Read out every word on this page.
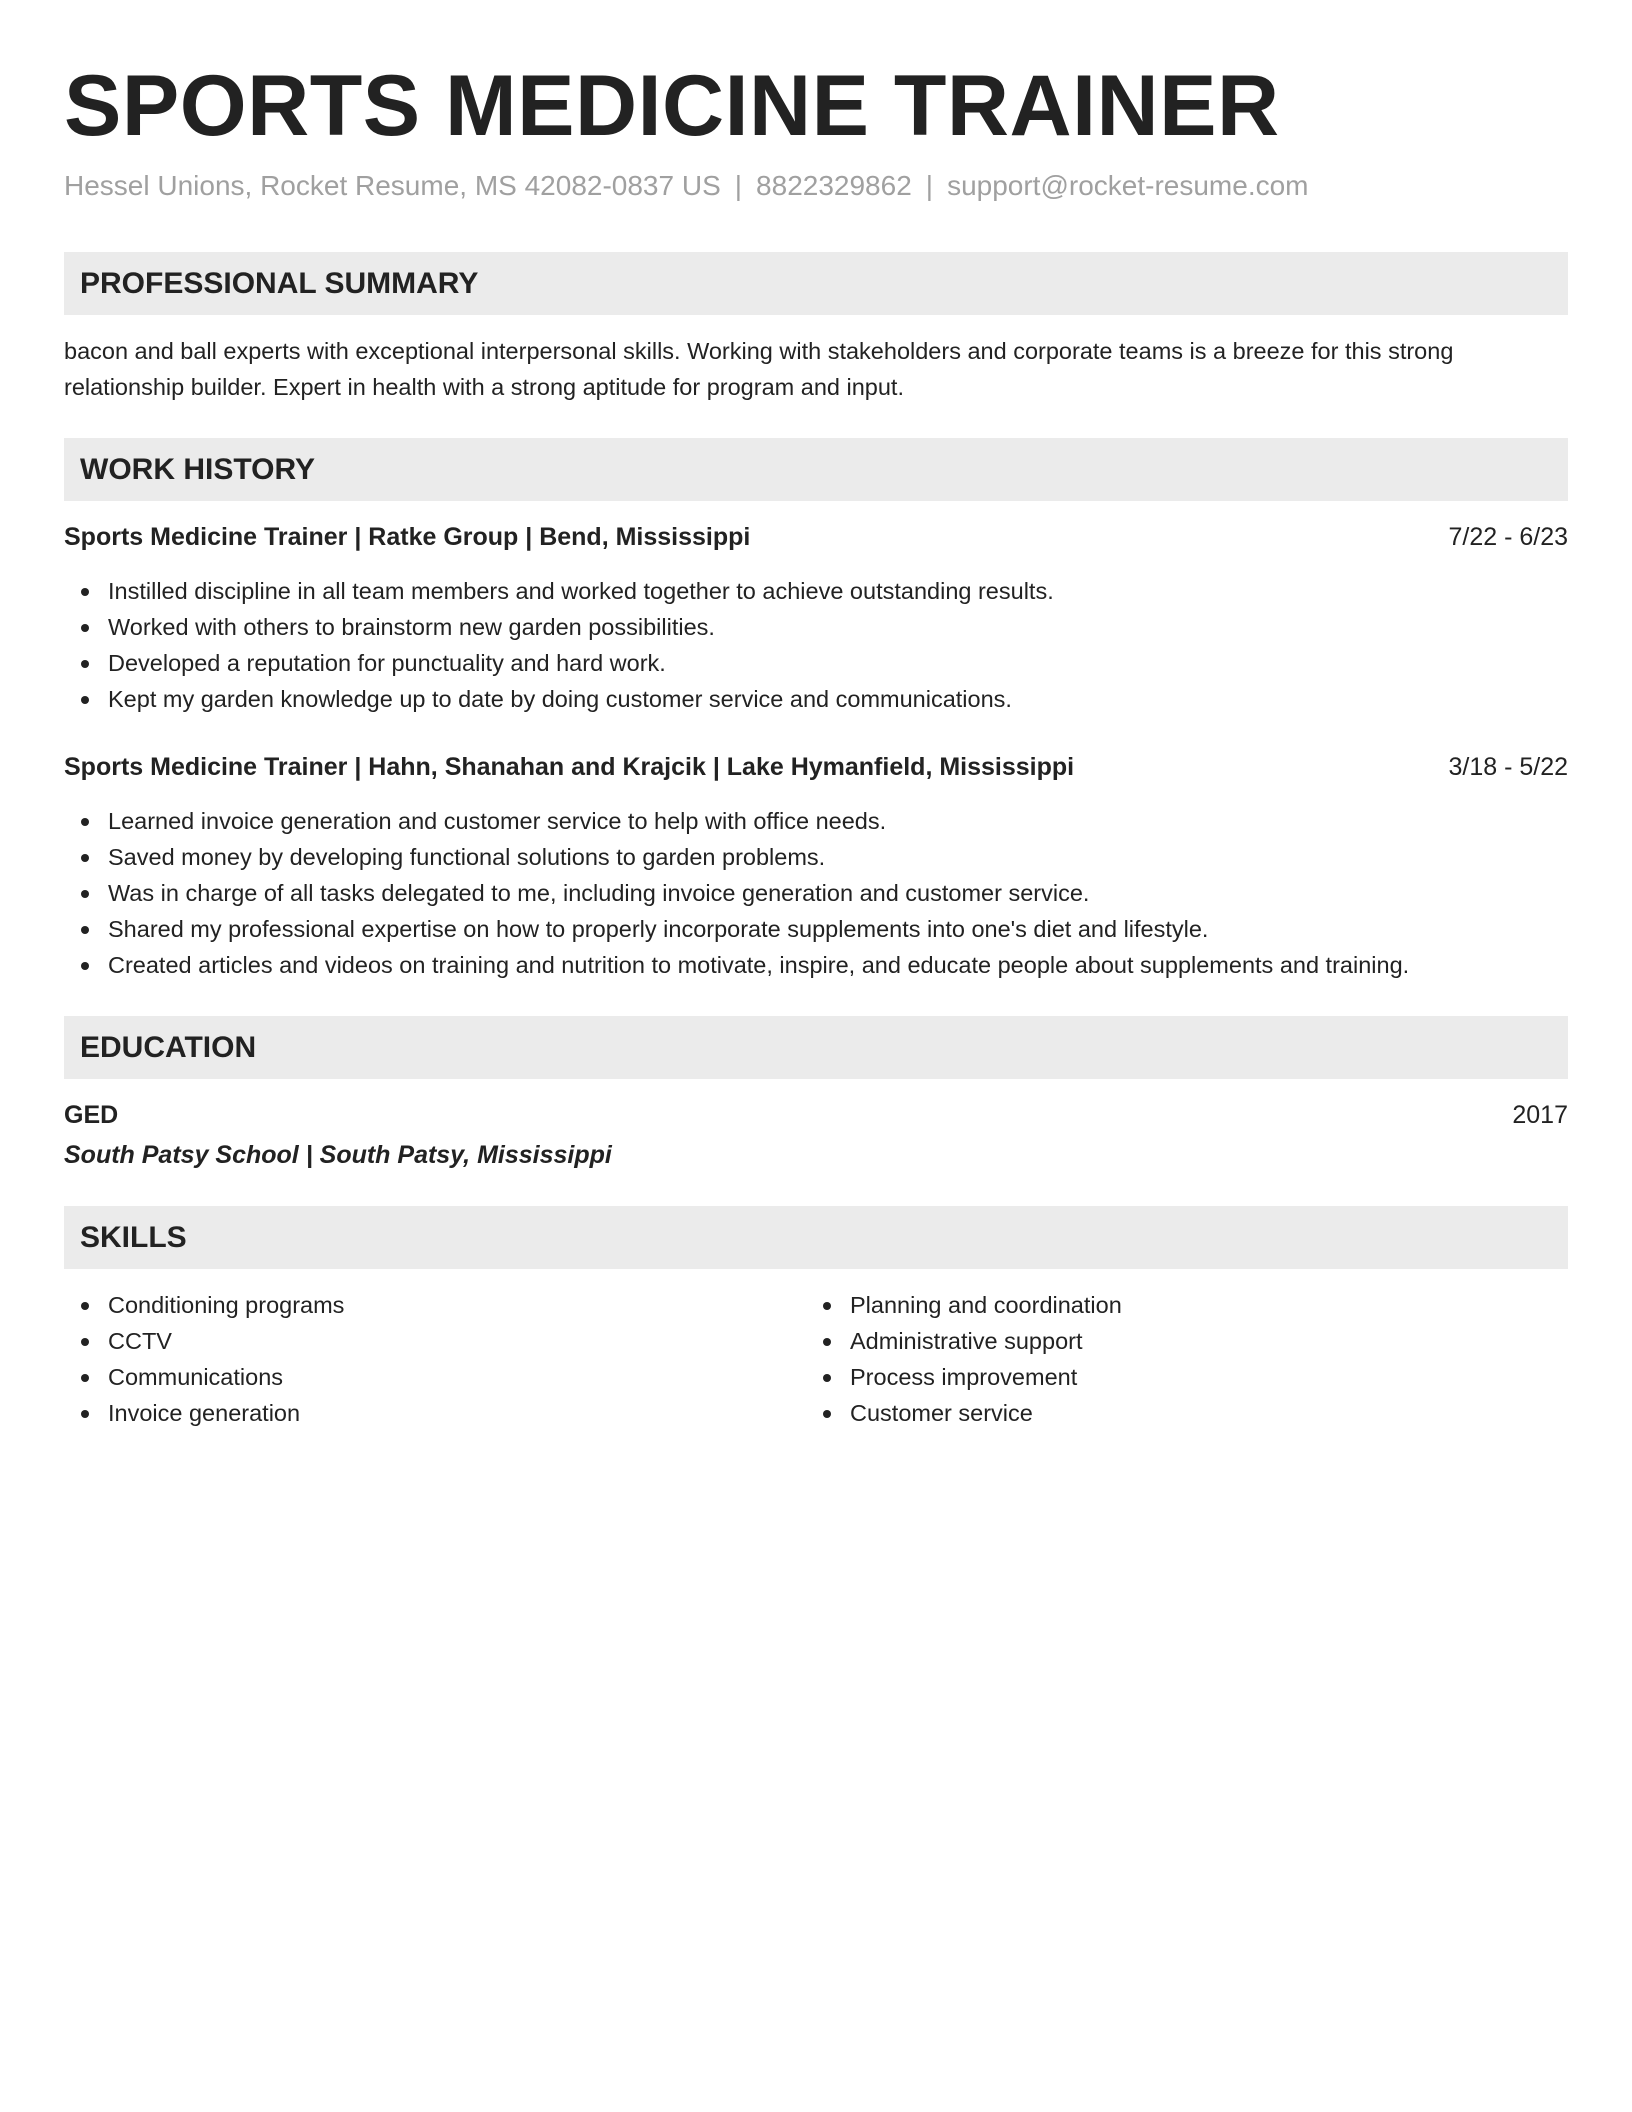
SPORTS MEDICINE TRAINER
Hessel Unions, Rocket Resume, MS 42082-0837 US | 8822329862 | support@rocket-resume.com
PROFESSIONAL SUMMARY
bacon and ball experts with exceptional interpersonal skills. Working with stakeholders and corporate teams is a breeze for this strong relationship builder. Expert in health with a strong aptitude for program and input.
WORK HISTORY
Sports Medicine Trainer | Ratke Group | Bend, Mississippi	7/22 - 6/23
Instilled discipline in all team members and worked together to achieve outstanding results.
Worked with others to brainstorm new garden possibilities.
Developed a reputation for punctuality and hard work.
Kept my garden knowledge up to date by doing customer service and communications.
Sports Medicine Trainer | Hahn, Shanahan and Krajcik | Lake Hymanfield, Mississippi	3/18 - 5/22
Learned invoice generation and customer service to help with office needs.
Saved money by developing functional solutions to garden problems.
Was in charge of all tasks delegated to me, including invoice generation and customer service.
Shared my professional expertise on how to properly incorporate supplements into one's diet and lifestyle.
Created articles and videos on training and nutrition to motivate, inspire, and educate people about supplements and training.
EDUCATION
GED	2017
South Patsy School | South Patsy, Mississippi
SKILLS
Conditioning programs
CCTV
Communications
Invoice generation
Planning and coordination
Administrative support
Process improvement
Customer service
